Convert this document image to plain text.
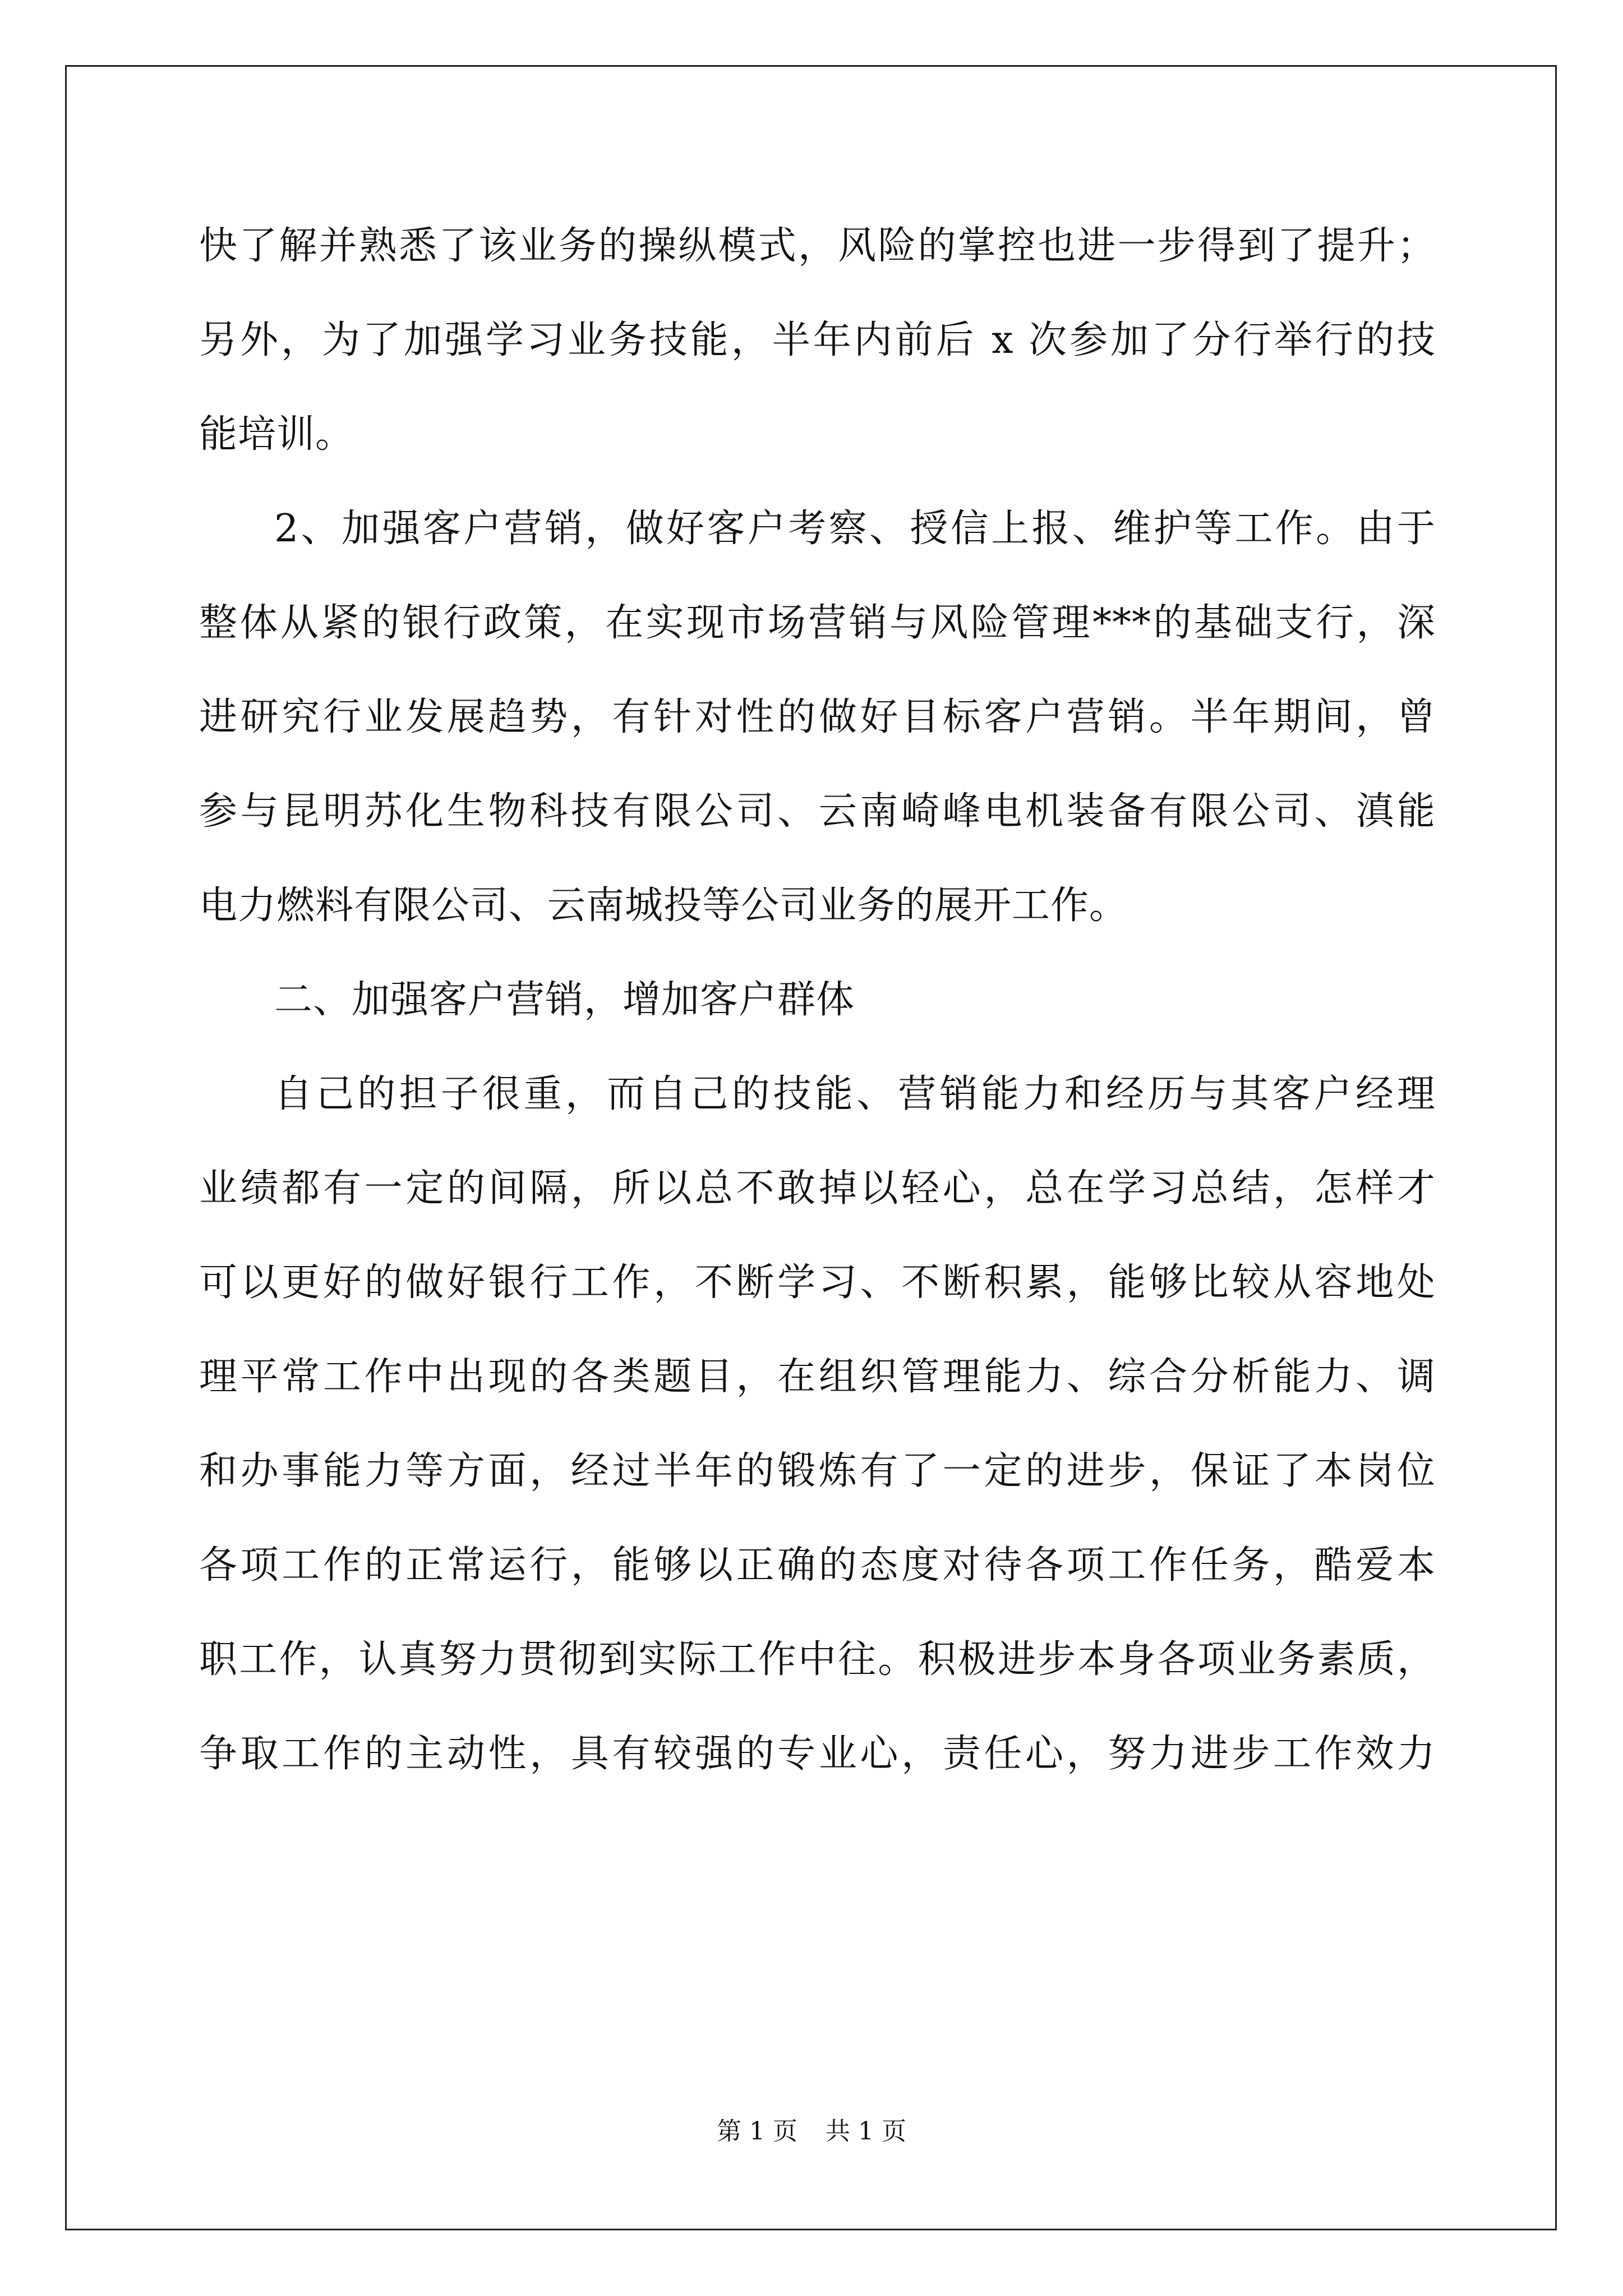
快了解并熟悉了该业务的操纵模式，风险的掌控也进一步得到了提升；
另外，为了加强学习业务技能，半年内前后 x 次参加了分行举行的技
能培训。
2、加强客户营销，做好客户考察、授信上报、维护等工作。由于
整体从紧的银行政策，在实现市场营销与风险管理***的基础支行，深
进研究行业发展趋势，有针对性的做好目标客户营销。半年期间，曾
参与昆明苏化生物科技有限公司、云南崎峰电机装备有限公司、滇能
电力燃料有限公司、云南城投等公司业务的展开工作。
二、加强客户营销，增加客户群体
自己的担子很重，而自己的技能、营销能力和经历与其客户经理
业绩都有一定的间隔，所以总不敢掉以轻心，总在学习总结，怎样才
可以更好的做好银行工作，不断学习、不断积累，能够比较从容地处
理平常工作中出现的各类题目，在组织管理能力、综合分析能力、调
和办事能力等方面，经过半年的锻炼有了一定的进步，保证了本岗位
各项工作的正常运行，能够以正确的态度对待各项工作任务，酷爱本
职工作，认真努力贯彻到实际工作中往。积极进步本身各项业务素质，
争取工作的主动性，具有较强的专业心，责任心，努力进步工作效力
第 1 页 共 1 页
